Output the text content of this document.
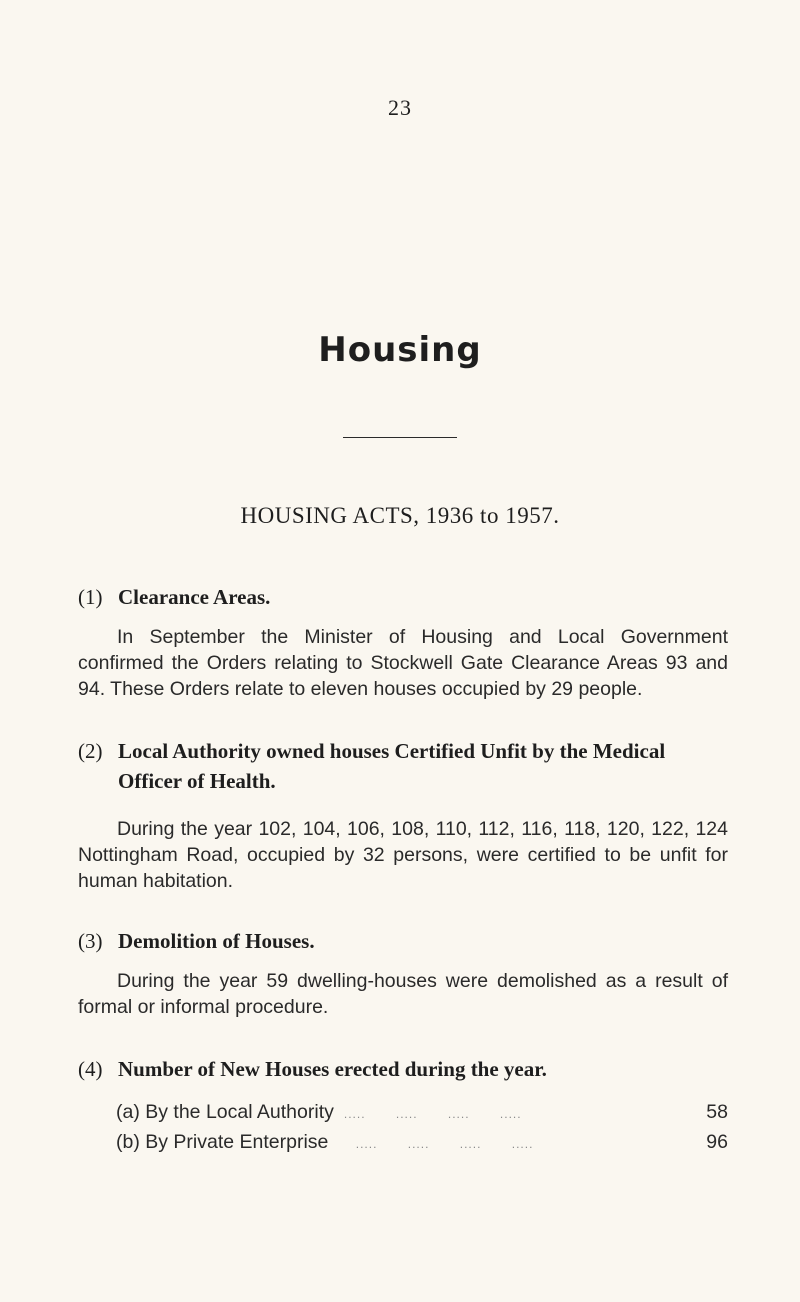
23
Housing
HOUSING ACTS, 1936 to 1957.
(1) Clearance Areas.

In September the Minister of Housing and Local Government confirmed the Orders relating to Stockwell Gate Clearance Areas 93 and 94. These Orders relate to eleven houses occupied by 29 people.

(2) Local Authority owned houses Certified Unfit by the Medical Officer of Health.

During the year 102, 104, 106, 108, 110, 112, 116, 118, 120, 122, 124 Nottingham Road, occupied by 32 persons, were certified to be unfit for human habitation.

(3) Demolition of Houses.

During the year 59 dwelling-houses were demolished as a result of formal or informal procedure.

(4) Number of New Houses erected during the year.
(a) By the Local Authority .....       .....       .....       .....	58
(b) By Private Enterprise .....       .....       .....       .....	96
